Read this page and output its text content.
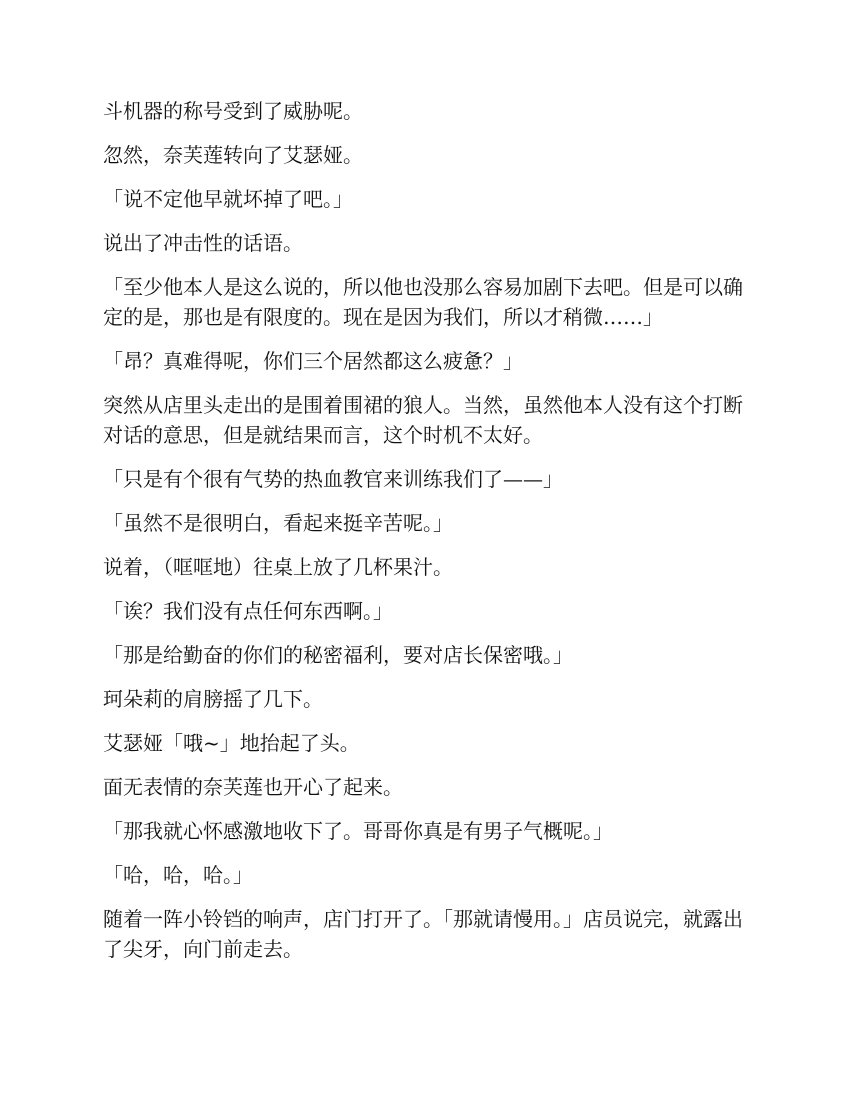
斗机器的称号受到了威胁呢。

忽然，奈芙莲转向了艾瑟娅。

「说不定他早就坏掉了吧。」

说出了冲击性的话语。

「至少他本人是这么说的，所以他也没那么容易加剧下去吧。但是可以确定的是，那也是有限度的。现在是因为我们，所以才稍微……」

「昂？真难得呢，你们三个居然都这么疲惫？」

突然从店里头走出的是围着围裙的狼人。当然，虽然他本人没有这个打断对话的意思，但是就结果而言，这个时机不太好。

「只是有个很有气势的热血教官来训练我们了——」

「虽然不是很明白，看起来挺辛苦呢。」

说着，（哐哐地）往桌上放了几杯果汁。

「诶？我们没有点任何东西啊。」

「那是给勤奋的你们的秘密福利，要对店长保密哦。」

珂朵莉的肩膀摇了几下。

艾瑟娅「哦~」地抬起了头。

面无表情的奈芙莲也开心了起来。

「那我就心怀感激地收下了。哥哥你真是有男子气概呢。」

「哈，哈，哈。」

随着一阵小铃铛的响声，店门打开了。「那就请慢用。」店员说完，就露出了尖牙，向门前走去。
